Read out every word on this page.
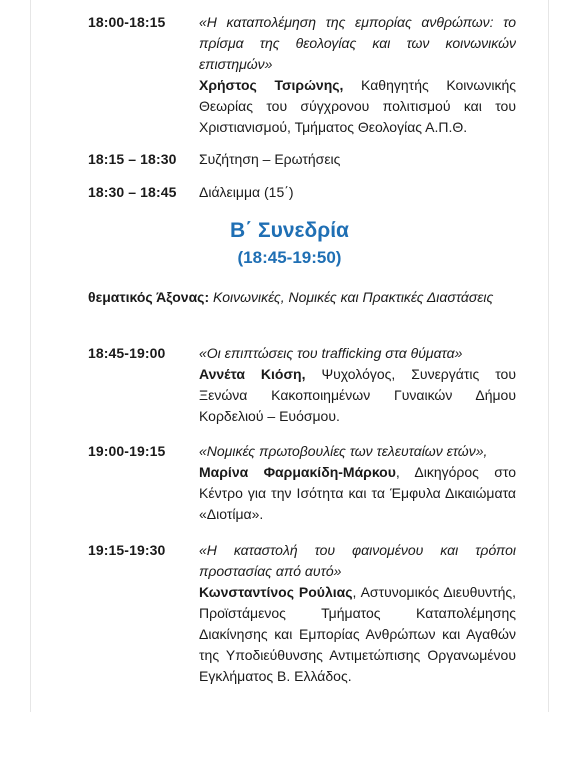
18:00-18:15 «Η καταπολέμηση της εμπορίας ανθρώπων: το πρίσμα της θεολογίας και των κοινωνικών επιστημών»
Χρήστος Τσιρώνης, Καθηγητής Κοινωνικής Θεωρίας του σύγχρονου πολιτισμού και του Χριστιανισμού, Τμήματος Θεολογίας Α.Π.Θ.
18:15 – 18:30 Συζήτηση – Ερωτήσεις
18:30 – 18:45 Διάλειμμα (15΄)
Β΄ Συνεδρία
(18:45-19:50)
θεματικός Άξονας: Κοινωνικές, Νομικές και Πρακτικές Διαστάσεις
18:45-19:00 «Οι επιπτώσεις του trafficking στα θύματα»
Αννέτα Κιόση, Ψυχολόγος, Συνεργάτις του Ξενώνα Κακοποιημένων Γυναικών Δήμου Κορδελιού – Ευόσμου.
19:00-19:15 «Νομικές πρωτοβουλίες των τελευταίων ετών»,
Μαρίνα Φαρμακίδη-Μάρκου, Δικηγόρος στο Κέντρο για την Ισότητα και τα Έμφυλα Δικαιώματα «Διοτίμα».
19:15-19:30 «Η καταστολή του φαινομένου και τρόποι προστασίας από αυτό»
Κωνσταντίνος Ρούλιας, Αστυνομικός Διευθυντής, Προϊστάμενος Τμήματος Καταπολέμησης Διακίνησης και Εμπορίας Ανθρώπων και Αγαθών της Υποδιεύθυνσης Αντιμετώπισης Οργανωμένου Εγκλήματος Β. Ελλάδος.
